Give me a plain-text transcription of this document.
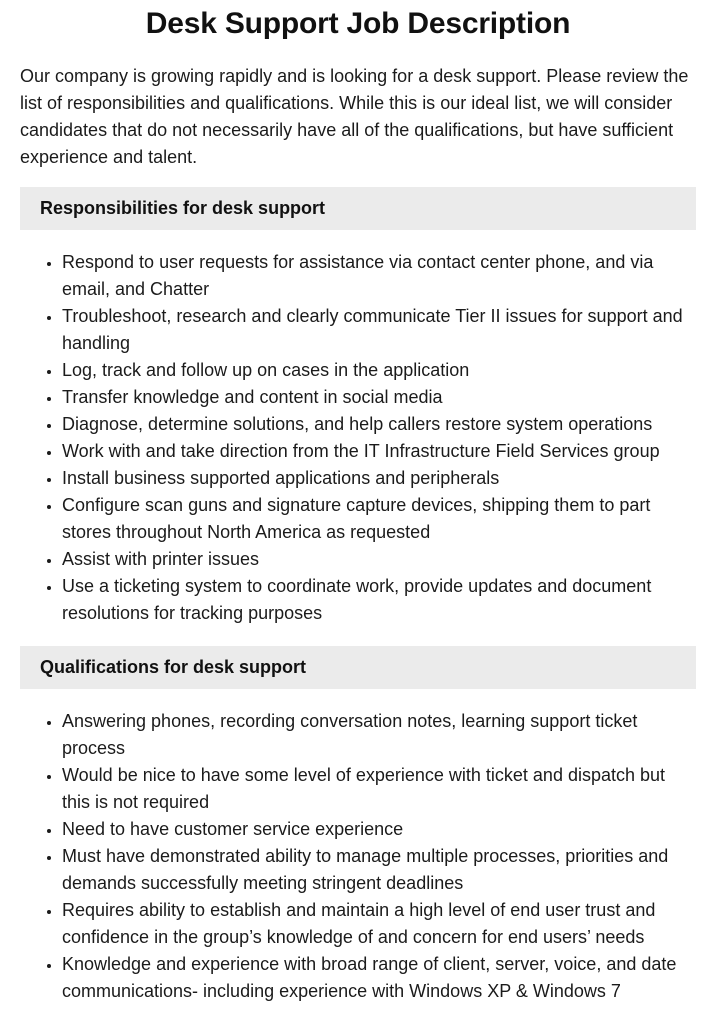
Desk Support Job Description

Our company is growing rapidly and is looking for a desk support. Please review the list of responsibilities and qualifications. While this is our ideal list, we will consider candidates that do not necessarily have all of the qualifications, but have sufficient experience and talent.

Responsibilities for desk support
• Respond to user requests for assistance via contact center phone, and via email, and Chatter
• Troubleshoot, research and clearly communicate Tier II issues for support and handling
• Log, track and follow up on cases in the application
• Transfer knowledge and content in social media
• Diagnose, determine solutions, and help callers restore system operations
• Work with and take direction from the IT Infrastructure Field Services group
• Install business supported applications and peripherals
• Configure scan guns and signature capture devices, shipping them to part stores throughout North America as requested
• Assist with printer issues
• Use a ticketing system to coordinate work, provide updates and document resolutions for tracking purposes
Qualifications for desk support
• Answering phones, recording conversation notes, learning support ticket process
• Would be nice to have some level of experience with ticket and dispatch but this is not required
• Need to have customer service experience
• Must have demonstrated ability to manage multiple processes, priorities and demands successfully meeting stringent deadlines
• Requires ability to establish and maintain a high level of end user trust and confidence in the group’s knowledge of and concern for end users’ needs
• Knowledge and experience with broad range of client, server, voice, and date communications- including experience with Windows XP & Windows 7
